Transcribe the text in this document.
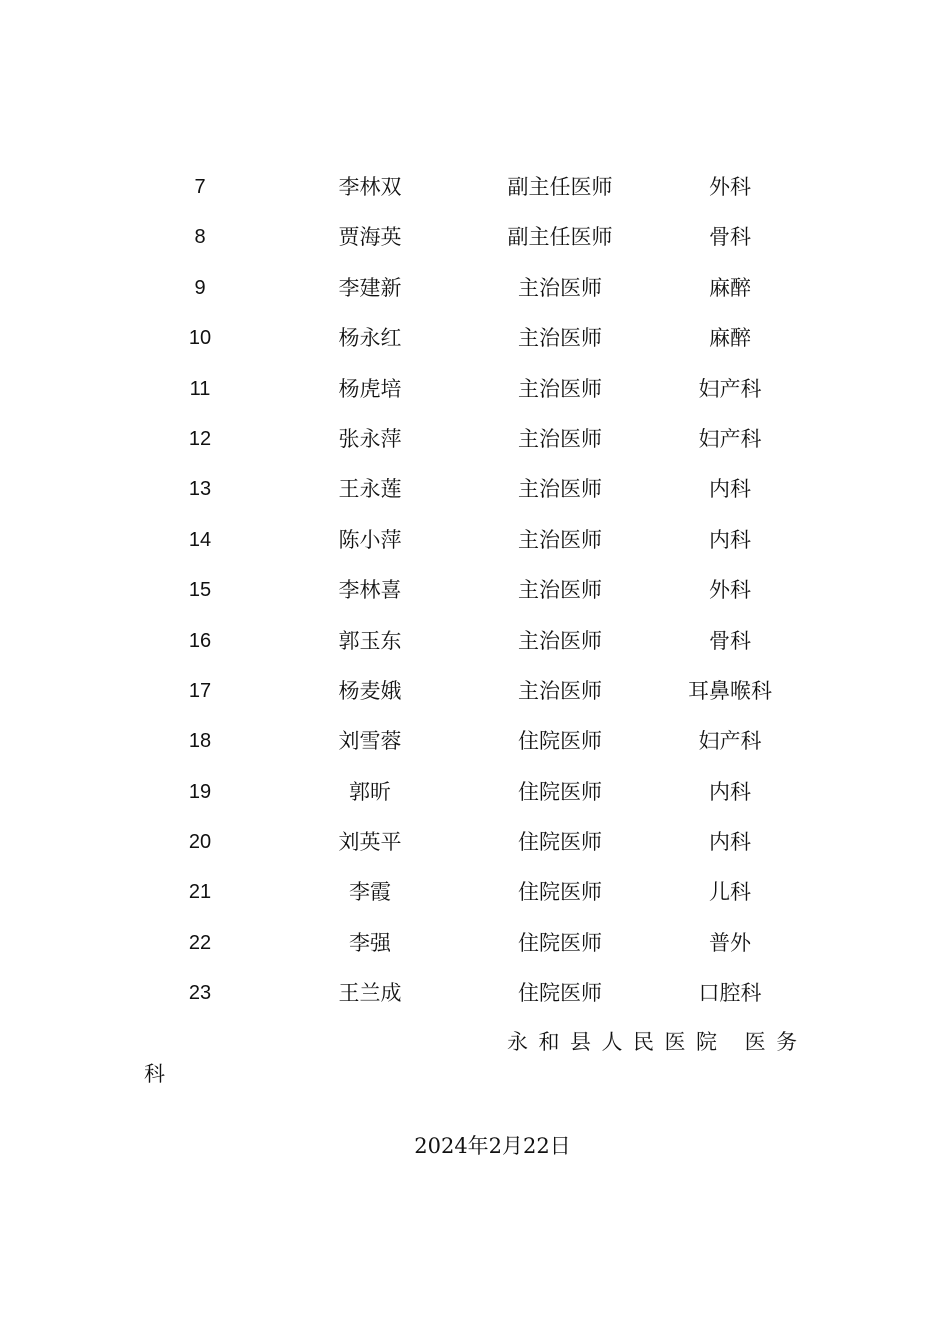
7	李林双	副主任医师	外科
8	贾海英	副主任医师	骨科
9	李建新	主治医师	麻醉
10	杨永红	主治医师	麻醉
11	杨虎培	主治医师	妇产科
12	张永萍	主治医师	妇产科
13	王永莲	主治医师	内科
14	陈小萍	主治医师	内科
15	李林喜	主治医师	外科
16	郭玉东	主治医师	骨科
17	杨麦娥	主治医师	耳鼻喉科
18	刘雪蓉	住院医师	妇产科
19	郭昕	住院医师	内科
20	刘英平	住院医师	内科
21	李霞	住院医师	儿科
22	李强	住院医师	普外
23	王兰成	住院医师	口腔科
永和县人民医院 医务
科
2024年2月22日
